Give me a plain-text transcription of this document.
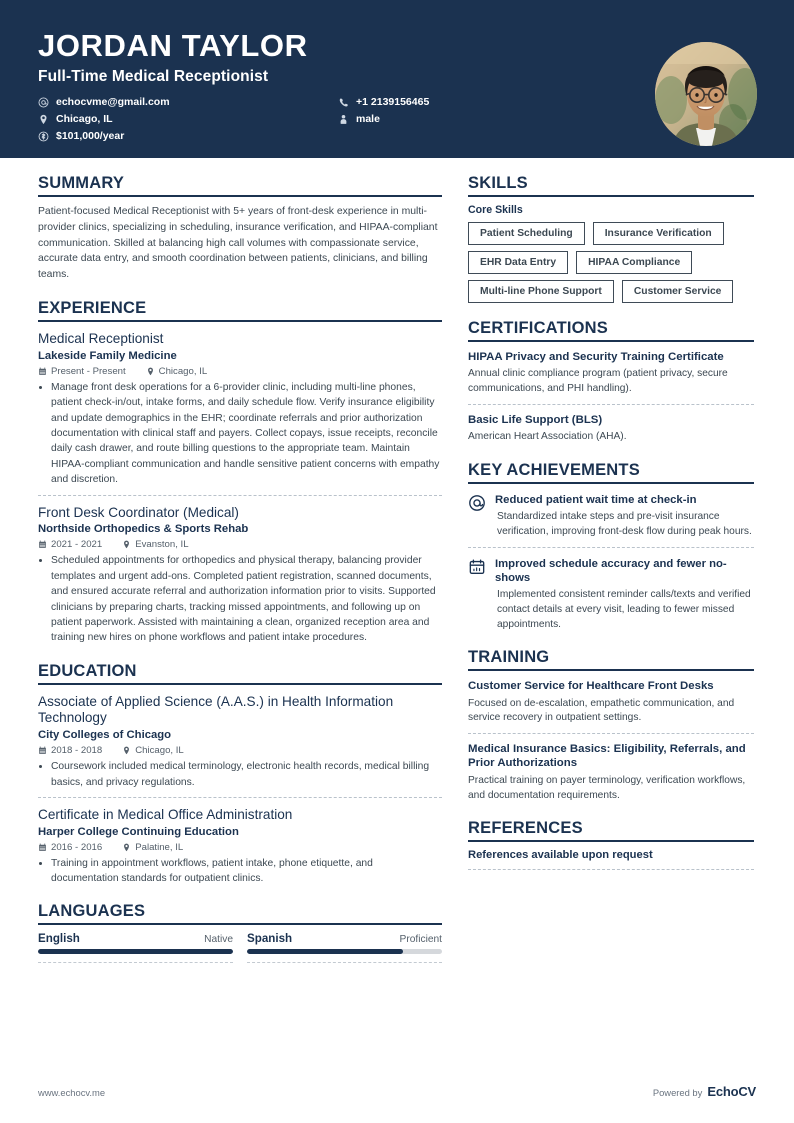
JORDAN TAYLOR
Full-Time Medical Receptionist
echocvme@gmail.com	+1 2139156465
Chicago, IL	male
$101,000/year
SUMMARY

Patient-focused Medical Receptionist with 5+ years of front-desk experience in multi-provider clinics, specializing in scheduling, insurance verification, and HIPAA-compliant communication. Skilled at balancing high call volumes with compassionate service, accurate data entry, and smooth coordination between patients, clinicians, and billing teams.

EXPERIENCE
Medical Receptionist
Lakeside Family Medicine
Present - Present	Chicago, IL
• Manage front desk operations for a 6-provider clinic, including multi-line phones, patient check-in/out, intake forms, and daily schedule flow. Verify insurance eligibility and update demographics in the EHR; coordinate referrals and prior authorization documentation with clinical staff and payers. Collect copays, issue receipts, reconcile daily cash drawer, and route billing questions to the appropriate team. Maintain HIPAA-compliant communication and handle sensitive patient concerns with empathy and discretion.
Front Desk Coordinator (Medical)
Northside Orthopedics & Sports Rehab
2021 - 2021	Evanston, IL
• Scheduled appointments for orthopedics and physical therapy, balancing provider templates and urgent add-ons. Completed patient registration, scanned documents, and ensured accurate referral and authorization information prior to visits. Supported clinicians by preparing charts, tracking missed appointments, and following up on patient paperwork. Assisted with maintaining a clean, organized reception area and training new hires on phone workflows and patient intake procedures.
EDUCATION
Associate of Applied Science (A.A.S.) in Health Information Technology
City Colleges of Chicago
2018 - 2018	Chicago, IL
• Coursework included medical terminology, electronic health records, medical billing basics, and privacy regulations.
Certificate in Medical Office Administration
Harper College Continuing Education
2016 - 2016	Palatine, IL
• Training in appointment workflows, patient intake, phone etiquette, and documentation standards for outpatient clinics.
LANGUAGES
English	Native Spanish	Proficient
SKILLS
Core Skills
Patient Scheduling	Insurance Verification
EHR Data Entry	HIPAA Compliance
Multi-line Phone Support	Customer Service
CERTIFICATIONS
HIPAA Privacy and Security Training Certificate
Annual clinic compliance program (patient privacy, secure communications, and PHI handling).
Basic Life Support (BLS)
American Heart Association (AHA).
KEY ACHIEVEMENTS
Reduced patient wait time at check-in
Standardized intake steps and pre-visit insurance verification, improving front-desk flow during peak hours.
Improved schedule accuracy and fewer no-shows
Implemented consistent reminder calls/texts and verified contact details at every visit, leading to fewer missed appointments.
TRAINING
Customer Service for Healthcare Front Desks
Focused on de-escalation, empathetic communication, and service recovery in outpatient settings.
Medical Insurance Basics: Eligibility, Referrals, and Prior Authorizations
Practical training on payer terminology, verification workflows, and documentation requirements.
REFERENCES
References available upon request
www.echocv.me	Powered by EchoCV
